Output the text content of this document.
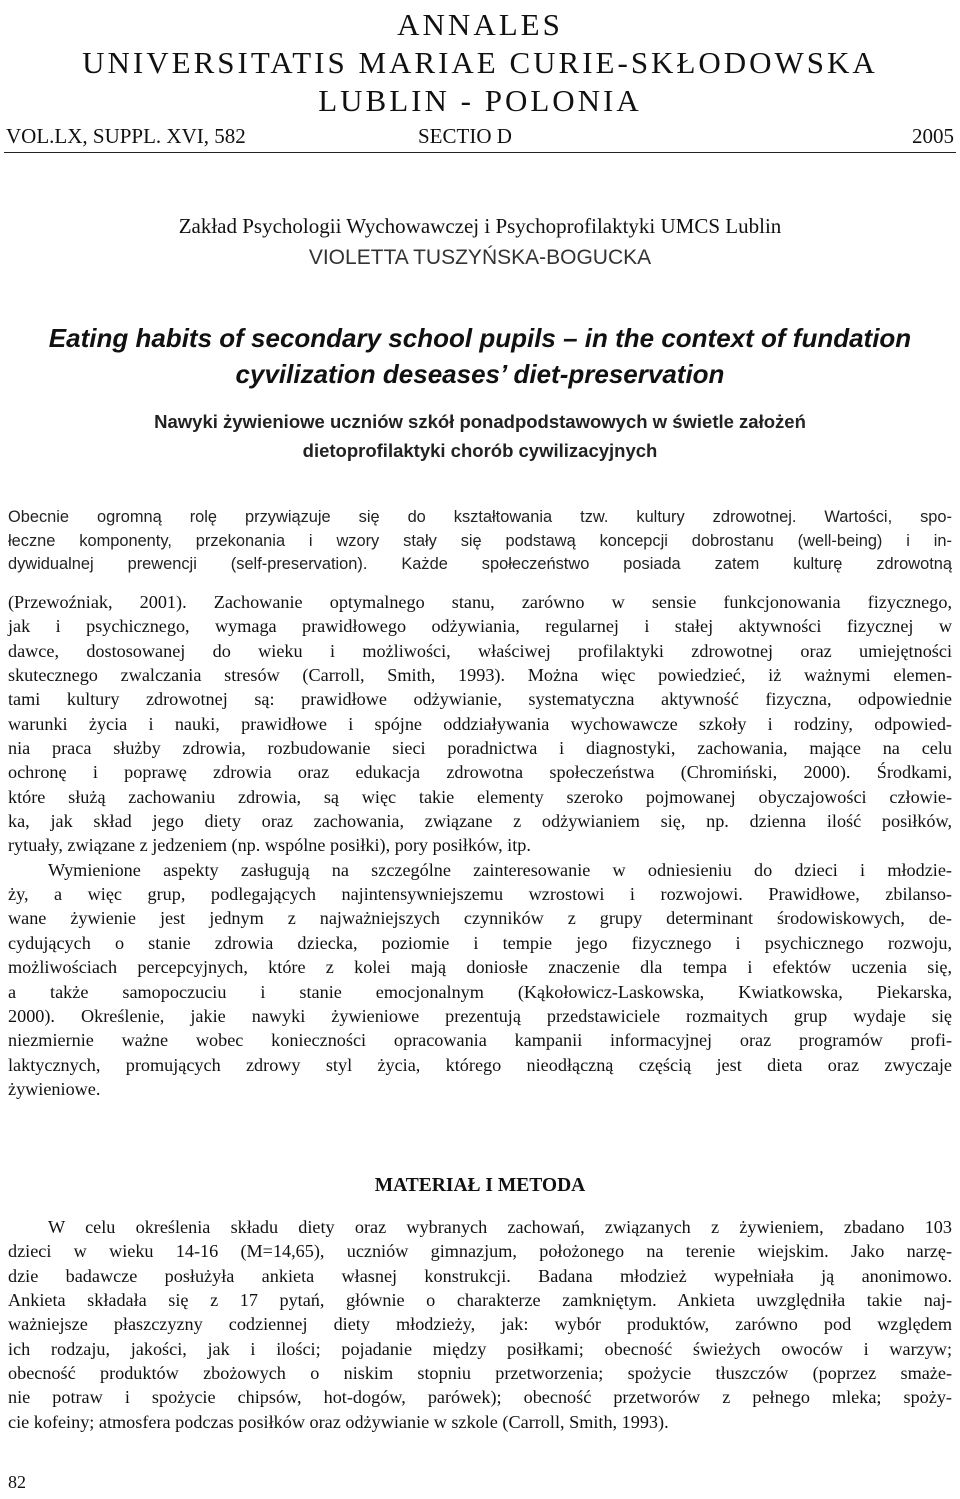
ANNALES
UNIVERSITATIS MARIAE CURIE-SKŁODOWSKA
LUBLIN - POLONIA
VOL.LX, SUPPL. XVI, 582	SECTIO D	2005
Zakład Psychologii Wychowawczej i Psychoprofilaktyki UMCS Lublin
VIOLETTA TUSZYŃSKA-BOGUCKA
Eating habits of secondary school pupils – in the context of fundation
cyvilization deseases’ diet-preservation
Nawyki żywieniowe uczniów szkół ponadpodstawowych w świetle założeń
dietoprofilaktyki chorób cywilizacyjnych
Obecnie ogromną rolę przywiązuje się do kształtowania tzw. kultury zdrowotnej. Wartości, spo-
łeczne komponenty, przekonania i wzory stały się podstawą koncepcji dobrostanu (well-being) i in-
dywidualnej prewencji (self-preservation). Każde społeczeństwo posiada zatem kulturę zdrowotną
(Przewoźniak, 2001). Zachowanie optymalnego stanu, zarówno w sensie funkcjonowania fizycznego,
jak i psychicznego, wymaga prawidłowego odżywiania, regularnej i stałej aktywności fizycznej w
dawce, dostosowanej do wieku i możliwości, właściwej profilaktyki zdrowotnej oraz umiejętności
skutecznego zwalczania stresów (Carroll, Smith, 1993). Można więc powiedzieć, iż ważnymi elemen-
tami kultury zdrowotnej są: prawidłowe odżywianie, systematyczna aktywność fizyczna, odpowiednie
warunki życia i nauki, prawidłowe i spójne oddziaływania wychowawcze szkoły i rodziny, odpowied-
nia praca służby zdrowia, rozbudowanie sieci poradnictwa i diagnostyki, zachowania, mające na celu
ochronę i poprawę zdrowia oraz edukacja zdrowotna społeczeństwa (Chromiński, 2000). Środkami,
które służą zachowaniu zdrowia, są więc takie elementy szeroko pojmowanej obyczajowości człowie-
ka, jak skład jego diety oraz zachowania, związane z odżywianiem się, np. dzienna ilość posiłków,
rytuały, związane z jedzeniem (np. wspólne posiłki), pory posiłków, itp.
Wymienione aspekty zasługują na szczególne zainteresowanie w odniesieniu do dzieci i młodzie-
ży, a więc grup, podlegających najintensywniejszemu wzrostowi i rozwojowi. Prawidłowe, zbilanso-
wane żywienie jest jednym z najważniejszych czynników z grupy determinant środowiskowych, de-
cydujących o stanie zdrowia dziecka, poziomie i tempie jego fizycznego i psychicznego rozwoju,
możliwościach percepcyjnych, które z kolei mają doniosłe znaczenie dla tempa i efektów uczenia się,
a także samopoczuciu i stanie emocjonalnym (Kąkołowicz-Laskowska, Kwiatkowska, Piekarska,
2000). Określenie, jakie nawyki żywieniowe prezentują przedstawiciele rozmaitych grup wydaje się
niezmiernie ważne wobec konieczności opracowania kampanii informacyjnej oraz programów profi-
laktycznych, promujących zdrowy styl życia, którego nieodłączną częścią jest dieta oraz zwyczaje
żywieniowe.
MATERIAŁ I METODA
W celu określenia składu diety oraz wybranych zachowań, związanych z żywieniem, zbadano 103
dzieci w wieku 14-16 (M=14,65), uczniów gimnazjum, położonego na terenie wiejskim. Jako narzę-
dzie badawcze posłużyła ankieta własnej konstrukcji. Badana młodzież wypełniała ją anonimowo.
Ankieta składała się z 17 pytań, głównie o charakterze zamkniętym. Ankieta uwzględniła takie naj-
ważniejsze płaszczyzny codziennej diety młodzieży, jak: wybór produktów, zarówno pod względem
ich rodzaju, jakości, jak i ilości; pojadanie między posiłkami; obecność świeżych owoców i warzyw;
obecność produktów zbożowych o niskim stopniu przetworzenia; spożycie tłuszczów (poprzez smaże-
nie potraw i spożycie chipsów, hot-dogów, parówek); obecność przetworów z pełnego mleka; spoży-
cie kofeiny; atmosfera podczas posiłków oraz odżywianie w szkole (Carroll, Smith, 1993).
82
